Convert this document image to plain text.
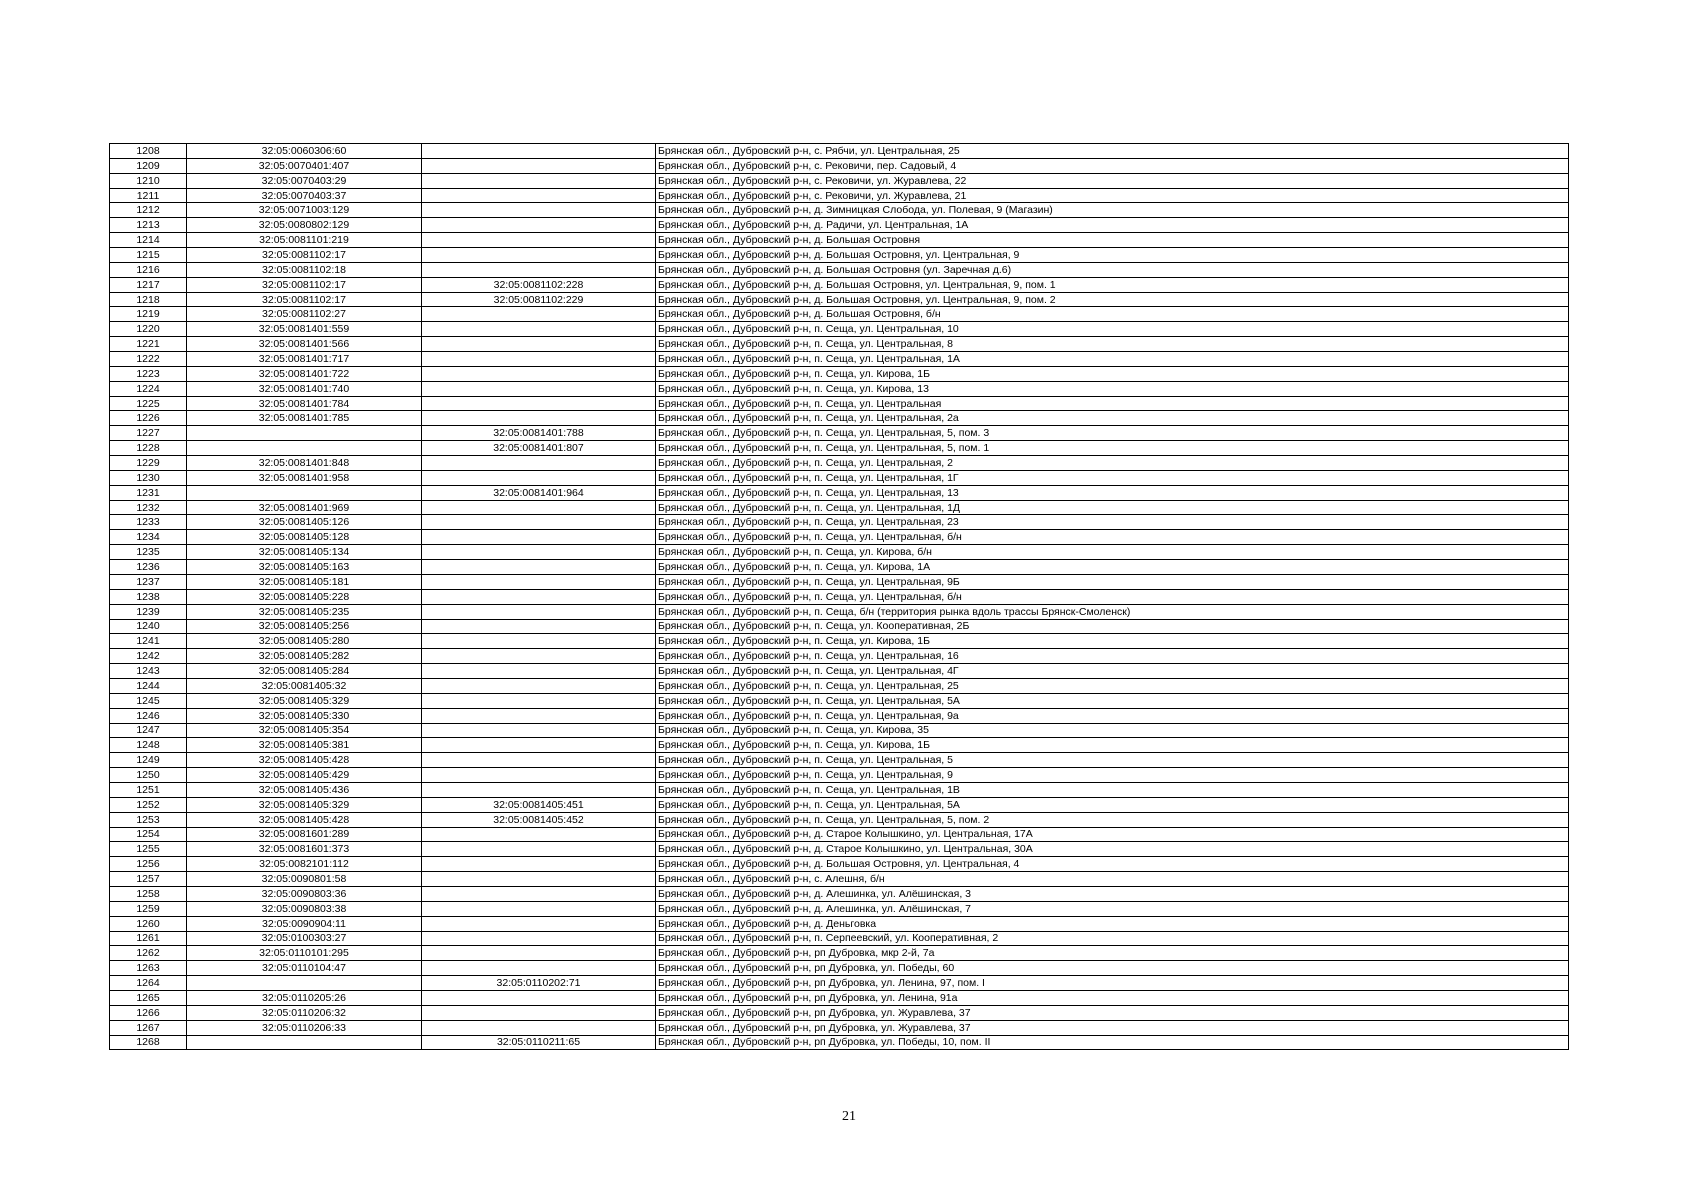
1208	32:05:0060306:60		Брянская обл., Дубровский р-н, с. Рябчи, ул. Центральная, 25
1209	32:05:0070401:407		Брянская обл., Дубровский р-н, с. Рековичи, пер. Садовый, 4
1210	32:05:0070403:29		Брянская обл., Дубровский р-н, с. Рековичи, ул. Журавлева, 22
1211	32:05:0070403:37		Брянская обл., Дубровский р-н, с. Рековичи, ул. Журавлева, 21
1212	32:05:0071003:129		Брянская обл., Дубровский р-н, д. Зимницкая Слобода, ул. Полевая, 9 (Магазин)
1213	32:05:0080802:129		Брянская обл., Дубровский р-н, д. Радичи, ул. Центральная, 1А
1214	32:05:0081101:219		Брянская обл., Дубровский р-н, д. Большая Островня
1215	32:05:0081102:17		Брянская обл., Дубровский р-н, д. Большая Островня, ул. Центральная, 9
1216	32:05:0081102:18		Брянская обл., Дубровский р-н, д. Большая Островня (ул. Заречная д.6)
1217	32:05:0081102:17	32:05:0081102:228	Брянская обл., Дубровский р-н, д. Большая Островня, ул. Центральная, 9, пом. 1
1218	32:05:0081102:17	32:05:0081102:229	Брянская обл., Дубровский р-н, д. Большая Островня, ул. Центральная, 9, пом. 2
1219	32:05:0081102:27		Брянская обл., Дубровский р-н, д. Большая Островня, б/н
1220	32:05:0081401:559		Брянская обл., Дубровский р-н, п. Сеща, ул. Центральная, 10
1221	32:05:0081401:566		Брянская обл., Дубровский р-н, п. Сеща, ул. Центральная, 8
1222	32:05:0081401:717		Брянская обл., Дубровский р-н, п. Сеща, ул. Центральная, 1А
1223	32:05:0081401:722		Брянская обл., Дубровский р-н, п. Сеща, ул. Кирова, 1Б
1224	32:05:0081401:740		Брянская обл., Дубровский р-н, п. Сеща, ул. Кирова, 13
1225	32:05:0081401:784		Брянская обл., Дубровский р-н, п. Сеща, ул. Центральная
1226	32:05:0081401:785		Брянская обл., Дубровский р-н, п. Сеща, ул. Центральная, 2а
1227		32:05:0081401:788	Брянская обл., Дубровский р-н, п. Сеща, ул. Центральная, 5, пом. 3
1228		32:05:0081401:807	Брянская обл., Дубровский р-н, п. Сеща, ул. Центральная, 5, пом. 1
1229	32:05:0081401:848		Брянская обл., Дубровский р-н, п. Сеща, ул. Центральная, 2
1230	32:05:0081401:958		Брянская обл., Дубровский р-н, п. Сеща, ул. Центральная, 1Г
1231		32:05:0081401:964	Брянская обл., Дубровский р-н, п. Сеща, ул. Центральная, 13
1232	32:05:0081401:969		Брянская обл., Дубровский р-н, п. Сеща, ул. Центральная, 1Д
1233	32:05:0081405:126		Брянская обл., Дубровский р-н, п. Сеща, ул. Центральная, 23
1234	32:05:0081405:128		Брянская обл., Дубровский р-н, п. Сеща, ул. Центральная, б/н
1235	32:05:0081405:134		Брянская обл., Дубровский р-н, п. Сеща, ул. Кирова, б/н
1236	32:05:0081405:163		Брянская обл., Дубровский р-н, п. Сеща, ул. Кирова, 1А
1237	32:05:0081405:181		Брянская обл., Дубровский р-н, п. Сеща, ул. Центральная, 9Б
1238	32:05:0081405:228		Брянская обл., Дубровский р-н, п. Сеща, ул. Центральная, б/н
1239	32:05:0081405:235		Брянская обл., Дубровский р-н, п. Сеща, б/н (территория рынка вдоль трассы Брянск-Смоленск)
1240	32:05:0081405:256		Брянская обл., Дубровский р-н, п. Сеща, ул. Кооперативная, 2Б
1241	32:05:0081405:280		Брянская обл., Дубровский р-н, п. Сеща, ул. Кирова, 1Б
1242	32:05:0081405:282		Брянская обл., Дубровский р-н, п. Сеща, ул. Центральная, 16
1243	32:05:0081405:284		Брянская обл., Дубровский р-н, п. Сеща, ул. Центральная, 4Г
1244	32:05:0081405:32		Брянская обл., Дубровский р-н, п. Сеща, ул. Центральная, 25
1245	32:05:0081405:329		Брянская обл., Дубровский р-н, п. Сеща, ул. Центральная, 5А
1246	32:05:0081405:330		Брянская обл., Дубровский р-н, п. Сеща, ул. Центральная, 9а
1247	32:05:0081405:354		Брянская обл., Дубровский р-н, п. Сеща, ул. Кирова, 35
1248	32:05:0081405:381		Брянская обл., Дубровский р-н, п. Сеща, ул. Кирова, 1Б
1249	32:05:0081405:428		Брянская обл., Дубровский р-н, п. Сеща, ул. Центральная, 5
1250	32:05:0081405:429		Брянская обл., Дубровский р-н, п. Сеща, ул. Центральная, 9
1251	32:05:0081405:436		Брянская обл., Дубровский р-н, п. Сеща, ул. Центральная, 1В
1252	32:05:0081405:329	32:05:0081405:451	Брянская обл., Дубровский р-н, п. Сеща, ул. Центральная, 5А
1253	32:05:0081405:428	32:05:0081405:452	Брянская обл., Дубровский р-н, п. Сеща, ул. Центральная, 5, пом. 2
1254	32:05:0081601:289		Брянская обл., Дубровский р-н, д. Старое Колышкино, ул. Центральная, 17А
1255	32:05:0081601:373		Брянская обл., Дубровский р-н, д. Старое Колышкино, ул. Центральная, 30А
1256	32:05:0082101:112		Брянская обл., Дубровский р-н, д. Большая Островня, ул. Центральная, 4
1257	32:05:0090801:58		Брянская обл., Дубровский р-н, с. Алешня, б/н
1258	32:05:0090803:36		Брянская обл., Дубровский р-н, д. Алешинка, ул. Алёшинская, 3
1259	32:05:0090803:38		Брянская обл., Дубровский р-н, д. Алешинка, ул. Алёшинская, 7
1260	32:05:0090904:11		Брянская обл., Дубровский р-н, д. Деньговка
1261	32:05:0100303:27		Брянская обл., Дубровский р-н, п. Серпеевский, ул. Кооперативная, 2
1262	32:05:0110101:295		Брянская обл., Дубровский р-н, рп Дубровка, мкр 2-й, 7а
1263	32:05:0110104:47		Брянская обл., Дубровский р-н, рп Дубровка, ул. Победы, 60
1264		32:05:0110202:71	Брянская обл., Дубровский р-н, рп Дубровка, ул. Ленина, 97, пом. I
1265	32:05:0110205:26		Брянская обл., Дубровский р-н, рп Дубровка, ул. Ленина, 91а
1266	32:05:0110206:32		Брянская обл., Дубровский р-н, рп Дубровка, ул. Журавлева, 37
1267	32:05:0110206:33		Брянская обл., Дубровский р-н, рп Дубровка, ул. Журавлева, 37
1268		32:05:0110211:65	Брянская обл., Дубровский р-н, рп Дубровка, ул. Победы, 10, пом. II
21
